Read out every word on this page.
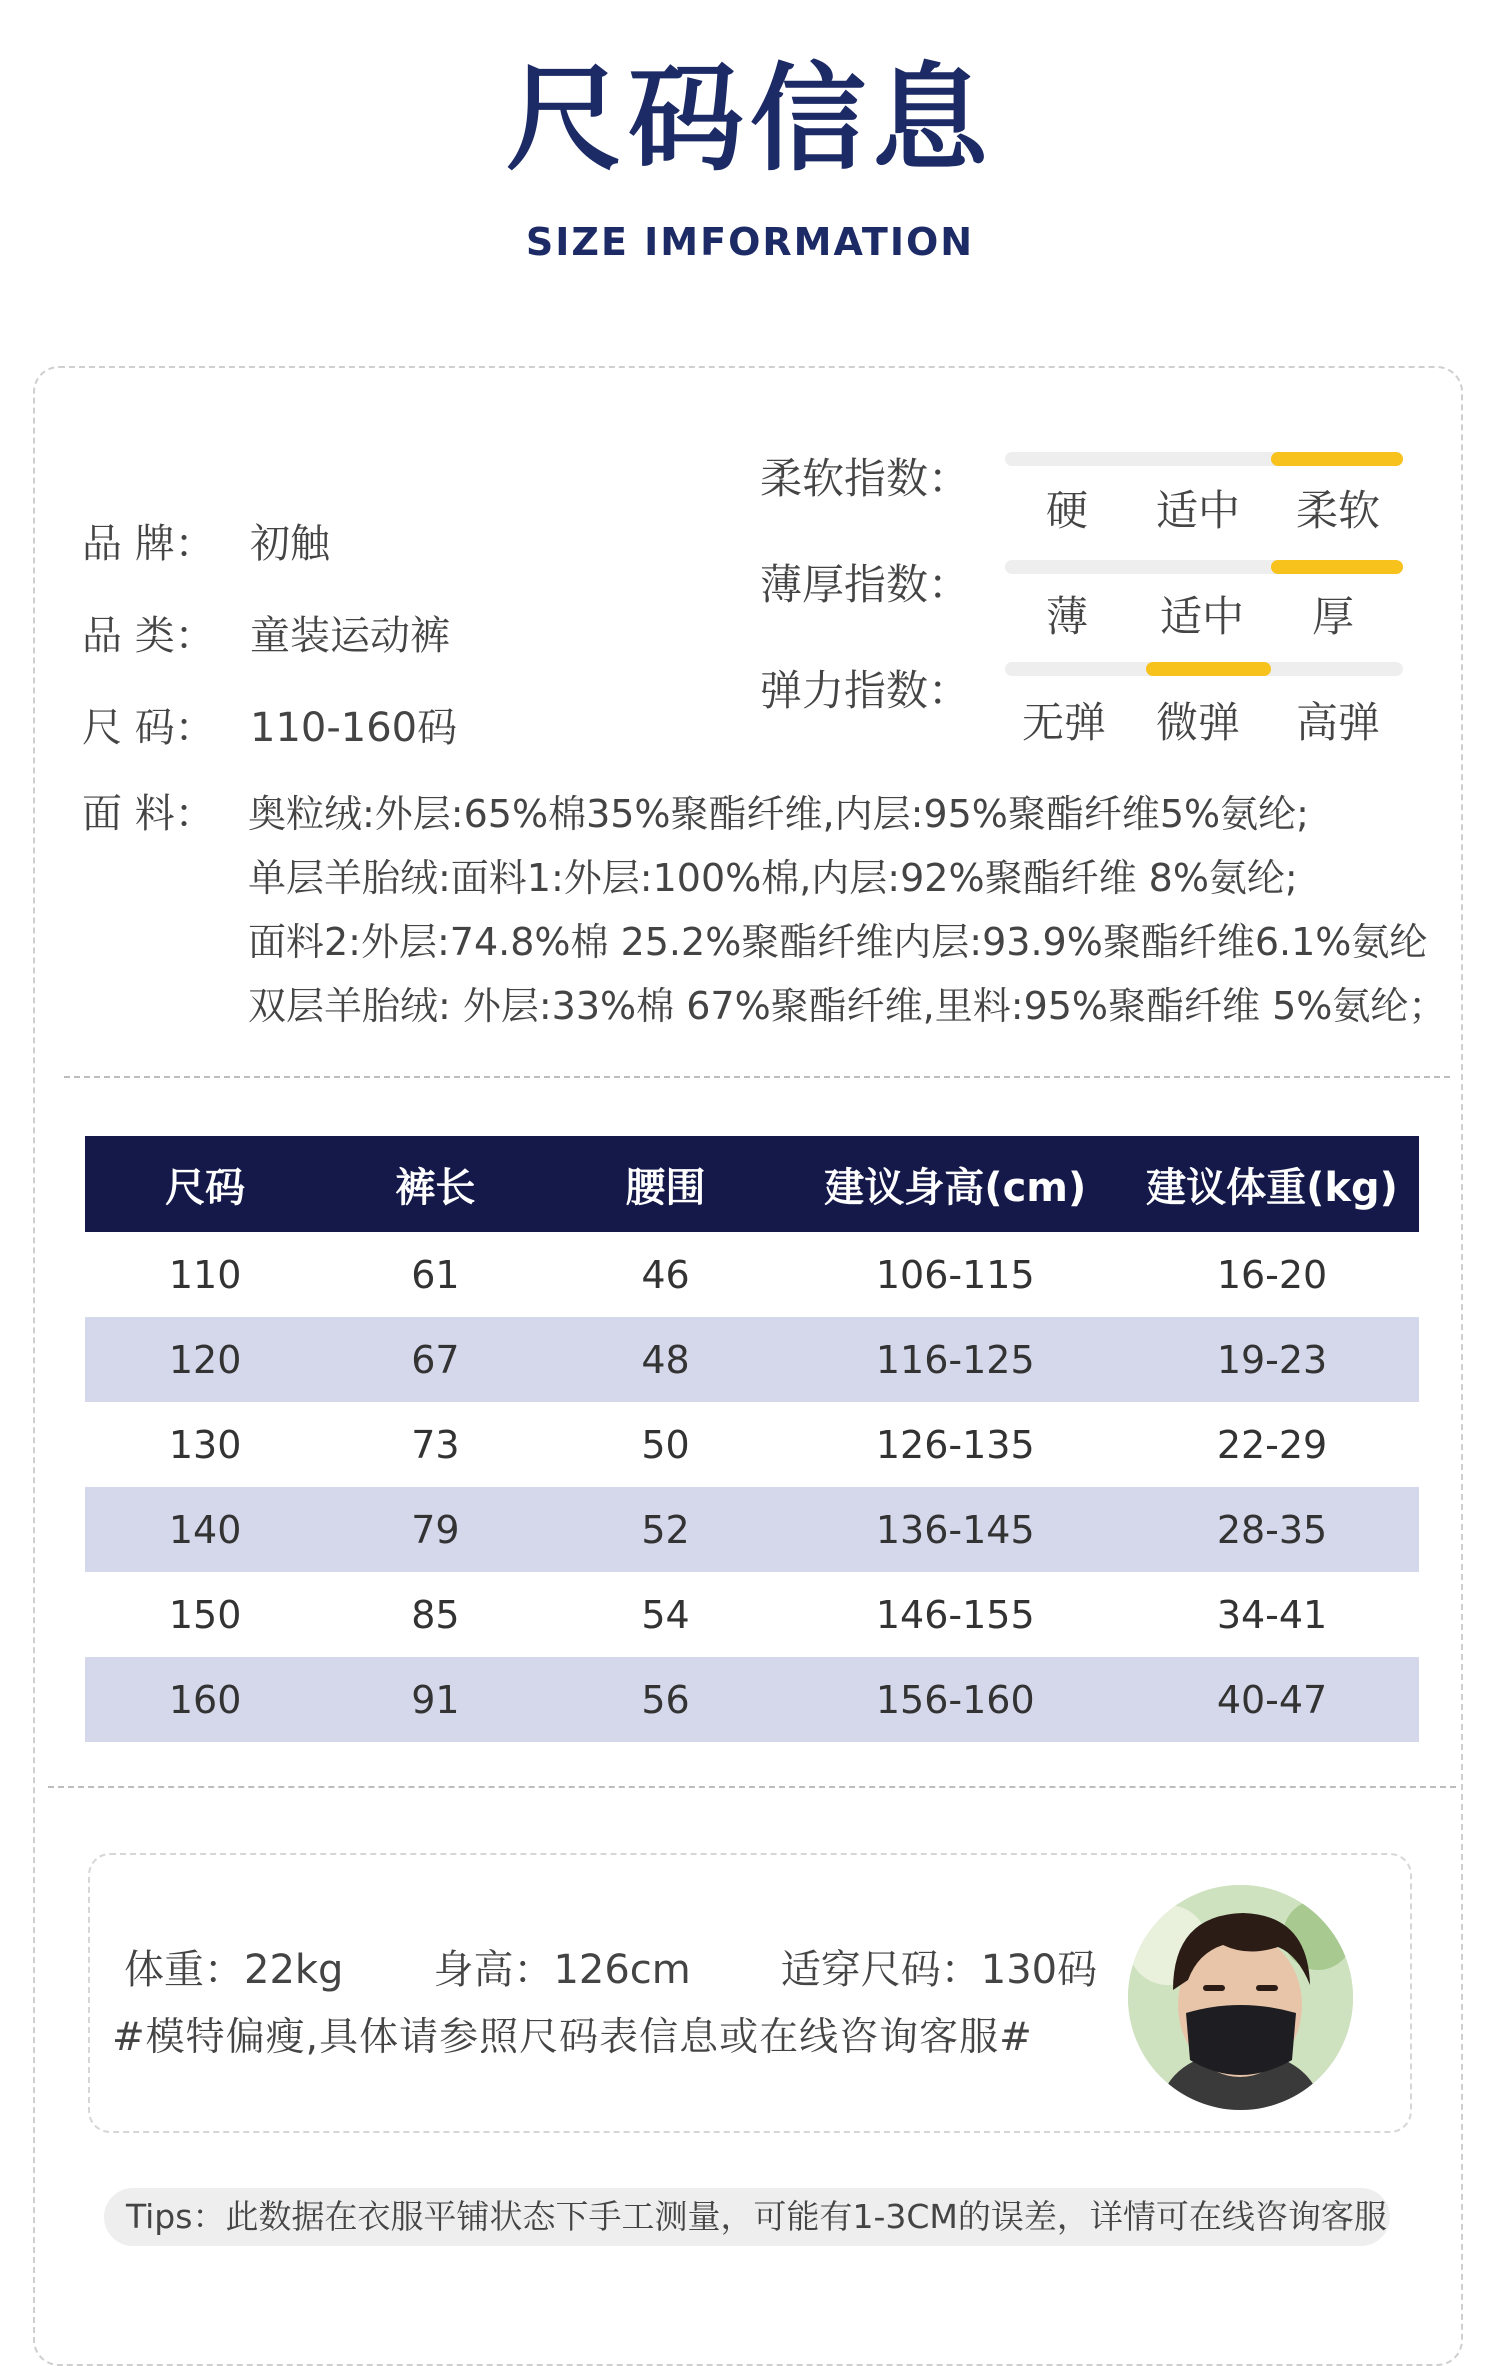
尺码信息
SIZE IMFORMATION
品 牌： 初触
品 类： 童装运动裤
尺 码： 110-160码
面 料： 奥粒绒:外层:65%棉35%聚酯纤维,内层:95%聚酯纤维5%氨纶;
单层羊胎绒:面料1:外层:100%棉,内层:92%聚酯纤维 8%氨纶;
面料2:外层:74.8%棉 25.2%聚酯纤维内层:93.9%聚酯纤维6.1%氨纶
双层羊胎绒: 外层:33%棉 67%聚酯纤维,里料:95%聚酯纤维 5%氨纶；
柔软指数：
硬 适中 柔软
薄厚指数：
薄 适中 厚
弹力指数：
无弹 微弹 高弹
尺码	裤长	腰围	建议身高(cm)	建议体重(kg)
110	61	46	106-115	16-20
120	67	48	116-125	19-23
130	73	50	126-135	22-29
140	79	52	136-145	28-35
150	85	54	146-155	34-41
160	91	56	156-160	40-47
体重：22kg 身高：126cm 适穿尺码：130码
#模特偏瘦,具体请参照尺码表信息或在线咨询客服#
Tips：此数据在衣服平铺状态下手工测量，可能有1-3CM的误差，详情可在线咨询客服
